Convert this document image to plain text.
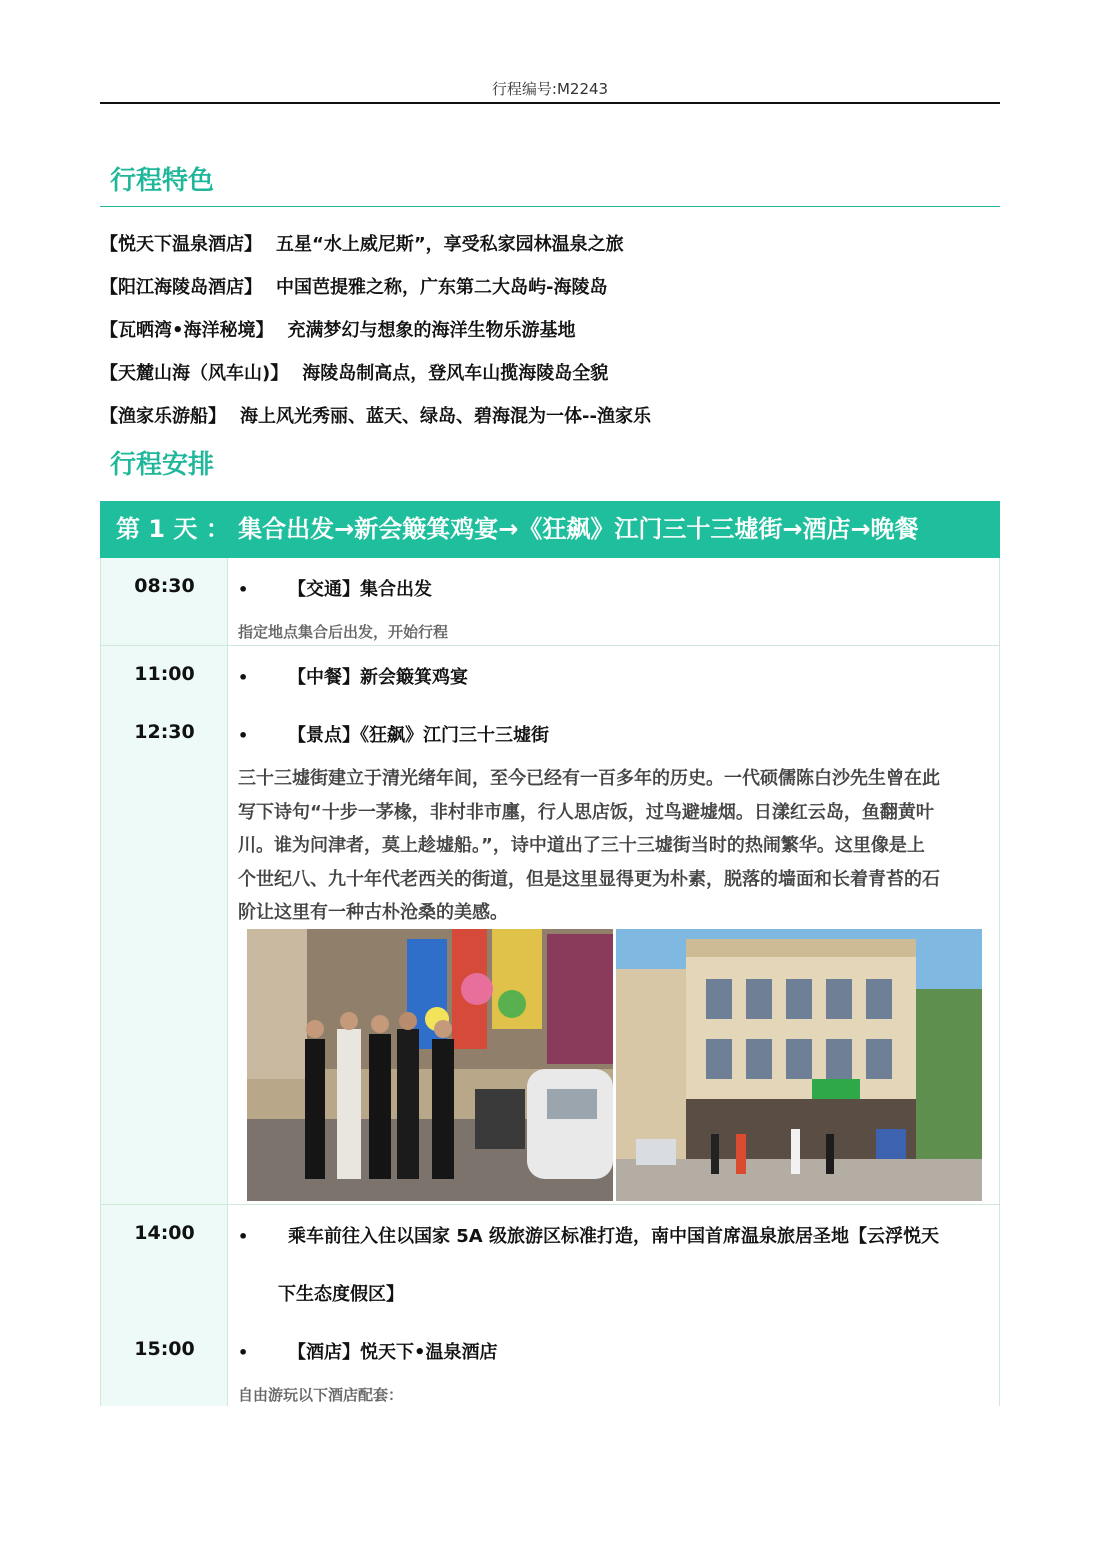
行程编号:M2243
行程特色
【悦天下温泉酒店】 五星“水上威尼斯”，享受私家园林温泉之旅
【阳江海陵岛酒店】 中国芭提雅之称，广东第二大岛屿-海陵岛
【瓦晒湾•海洋秘境】 充满梦幻与想象的海洋生物乐游基地
【天麓山海（风车山)】 海陵岛制高点，登风车山揽海陵岛全貌
【渔家乐游船】 海上风光秀丽、蓝天、绿岛、碧海混为一体--渔家乐
行程安排
第 1 天 ： 集合出发→新会簸箕鸡宴→《狂飙》江门三十三墟街→酒店→晚餐
08:30	• 【交通】集合出发
指定地点集合后出发，开始行程
11:00	• 【中餐】新会簸箕鸡宴
12:30	• 【景点】《狂飙》江门三十三墟街
三十三墟街建立于清光绪年间，至今已经有一百多年的历史。一代硕儒陈白沙先生曾在此
写下诗句“十步一茅椽，非村非市廛，行人思店饭，过鸟避墟烟。日漾红云岛，鱼翻黄叶
川。谁为问津者，莫上趁墟船。”，诗中道出了三十三墟街当时的热闹繁华。这里像是上
个世纪八、九十年代老西关的街道，但是这里显得更为朴素，脱落的墙面和长着青苔的石
阶让这里有一种古朴沧桑的美感。
14:00	• 乘车前往入住以国家 5A 级旅游区标准打造，南中国首席温泉旅居圣地【云浮悦天
下生态度假区】
15:00	• 【酒店】悦天下•温泉酒店
自由游玩以下酒店配套：
